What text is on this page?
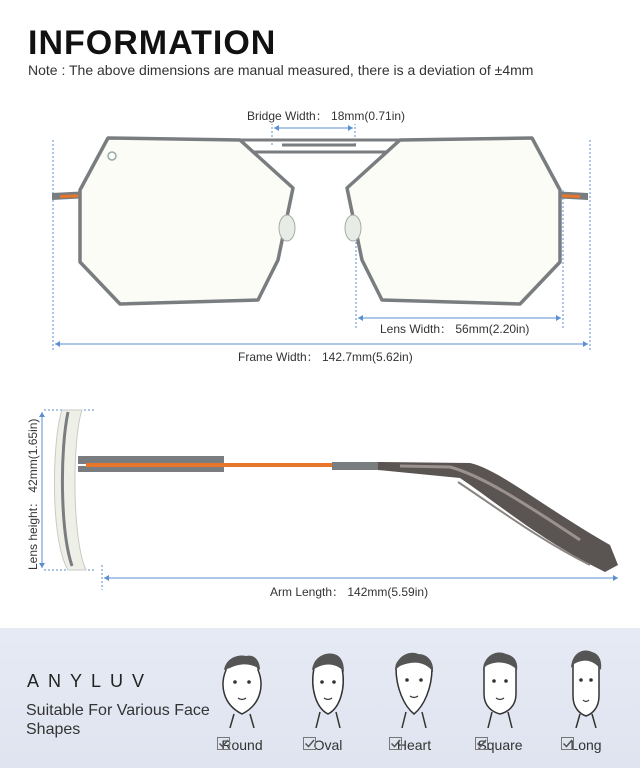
INFORMATION
Note : The above dimensions are manual measured, there is a deviation of ±4mm
Bridge Width： 18mm(0.71in)
Lens Width： 56mm(2.20in)
Frame Width： 142.7mm(5.62in)
Lens height： 42mm(1.65in)
Arm Length： 142mm(5.59in)
ANYLUV
Suitable For Various Face Shapes
Round	Oval	Heart	Square	Long
